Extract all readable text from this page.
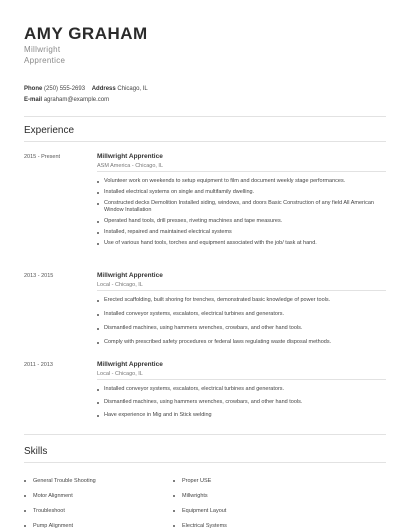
AMY GRAHAM
Millwright
Apprentice
Phone (250) 555-2693 Address Chicago, IL
E-mail agraham@example.com
Experience
2015 - Present	Millwright Apprentice
ASM America - Chicago, IL
Volunteer work on weekends to setup equipment to film and document weekly stage performances.
Installed electrical systems on single and multifamily dwelling.
Constructed decks Demolition Installed siding, windows, and doors Basic Construction of any field All American Window Installation
Operated hand tools, drill presses, riveting machines and tape measures.
Installed, repaired and maintained electrical systems
Use of various hand tools, torches and equipment associated with the job/ task at hand.
2013 - 2015	Millwright Apprentice
Local - Chicago, IL
Erected scaffolding, built shoring for trenches, demonstrated basic knowledge of power tools.
Installed conveyor systems, escalators, electrical turbines and generators.
Dismantled machines, using hammers wrenches, crowbars, and other hand tools.
Comply with prescribed safety procedures or federal laws regulating waste disposal methods.
2011 - 2013	Millwright Apprentice
Local - Chicago, IL
Installed conveyor systems, escalators, electrical turbines and generators.
Dismantled machines, using hammers wrenches, crowbars, and other hand tools.
Have experience in Mig and in Stick welding
Skills
General Trouble Shooting
Motor Alignment
Troubleshoot
Pump Alignment
Proper USE
Millwrights
Equipment Layout
Electrical Systems
